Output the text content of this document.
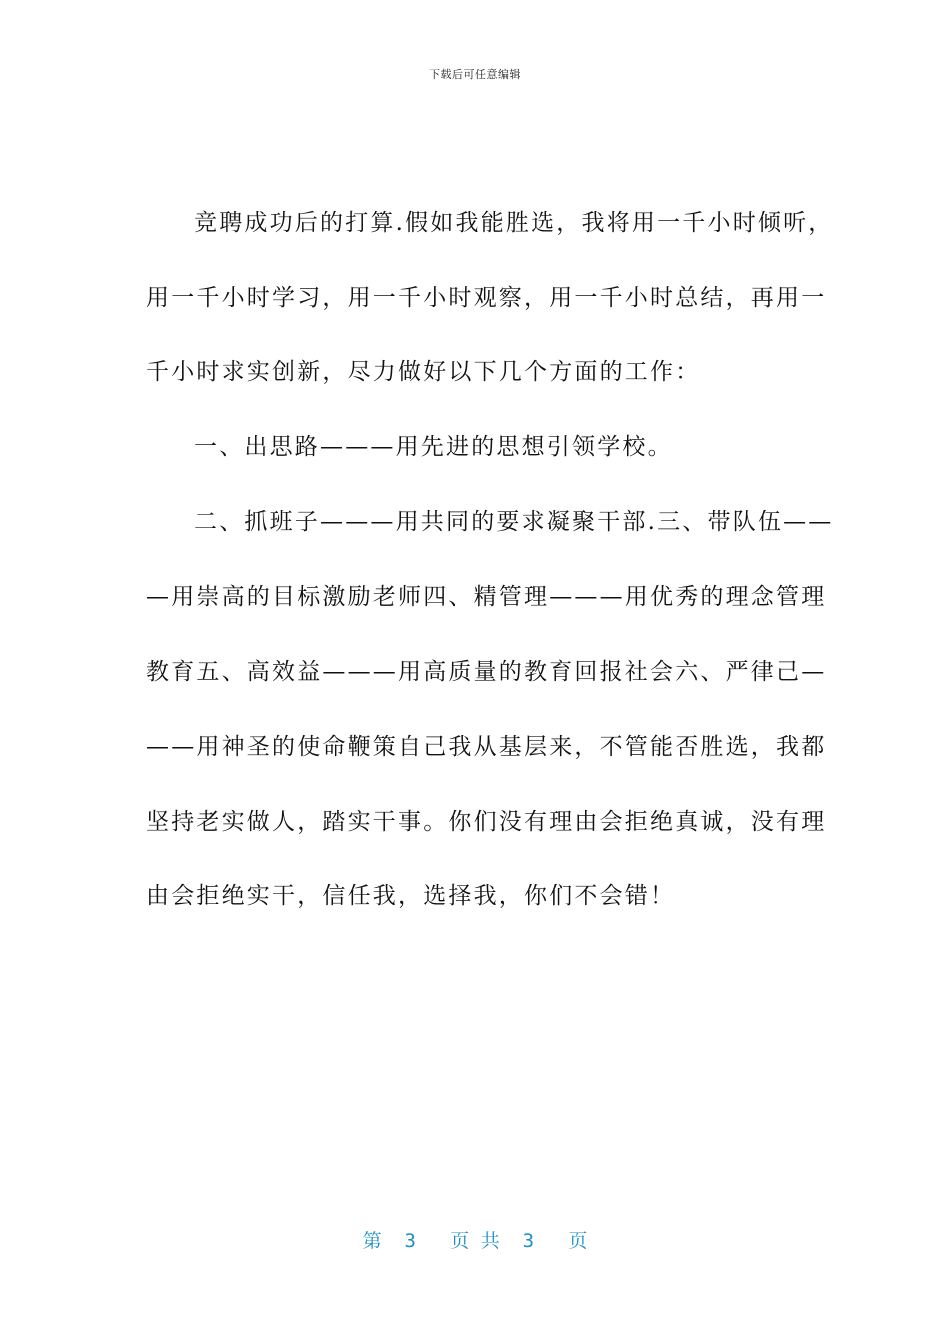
下载后可任意编辑
竞聘成功后的打算.假如我能胜选，我将用一千小时倾听，
用一千小时学习，用一千小时观察，用一千小时总结，再用一
千小时求实创新，尽力做好以下几个方面的工作：
一、出思路———用先进的思想引领学校。
二、抓班子———用共同的要求凝聚干部.三、带队伍——
—用崇高的目标激励老师四、精管理———用优秀的理念管理
教育五、高效益———用高质量的教育回报社会六、严律己—
——用神圣的使命鞭策自己我从基层来，不管能否胜选，我都
坚持老实做人，踏实干事。你们没有理由会拒绝真诚，没有理
由会拒绝实干，信任我，选择我，你们不会错！
第  3   页 共  3   页
